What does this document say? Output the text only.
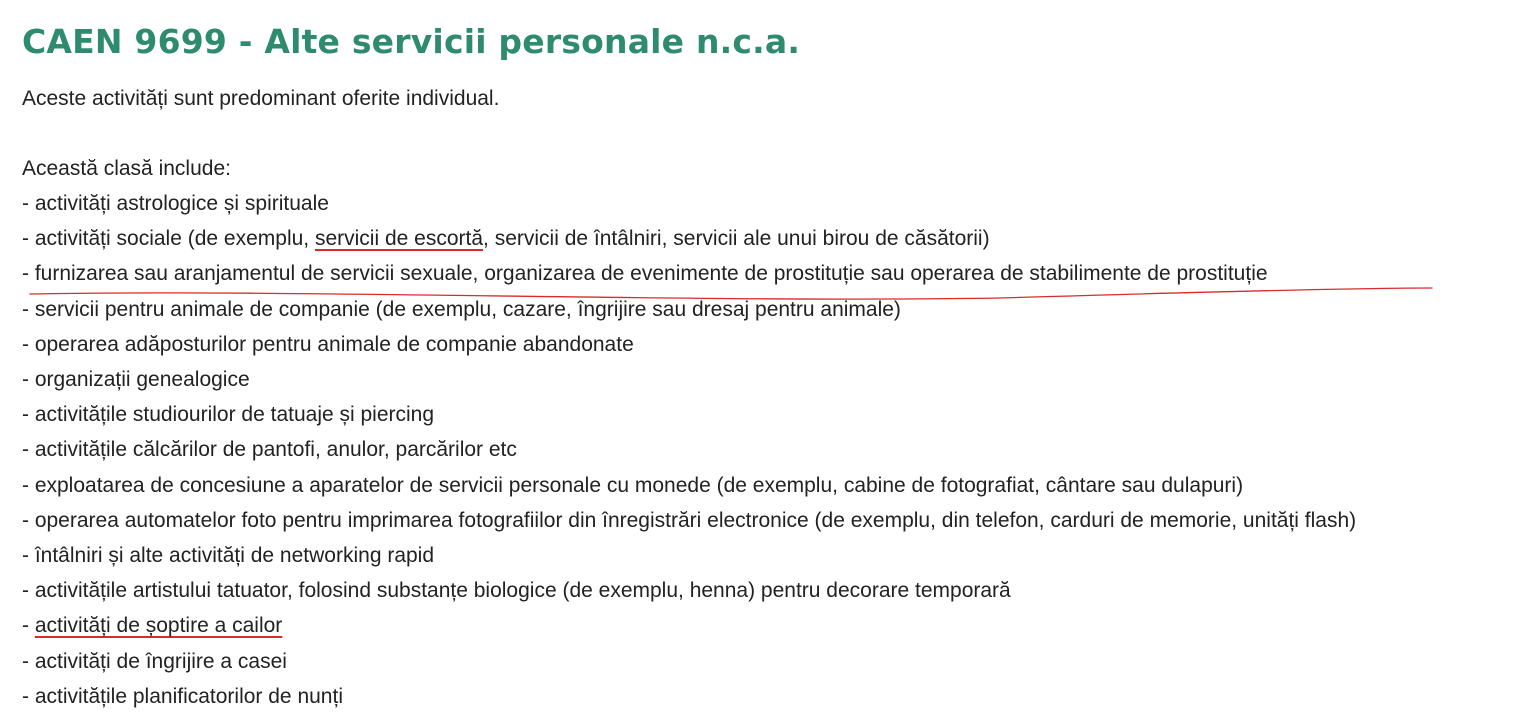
CAEN 9699 - Alte servicii personale n.c.a.

Aceste activități sunt predominant oferite individual.

Această clasă include:

- activități astrologice și spirituale
- activități sociale (de exemplu, servicii de escortă, servicii de întâlniri, servicii ale unui birou de căsătorii)
- furnizarea sau aranjamentul de servicii sexuale, organizarea de evenimente de prostituție sau operarea de stabilimente de prostituție
- servicii pentru animale de companie (de exemplu, cazare, îngrijire sau dresaj pentru animale)
- operarea adăposturilor pentru animale de companie abandonate
- organizații genealogice
- activitățile studiourilor de tatuaje și piercing
- activitățile călcărilor de pantofi, anulor, parcărilor etc
- exploatarea de concesiune a aparatelor de servicii personale cu monede (de exemplu, cabine de fotografiat, cântare sau dulapuri)
- operarea automatelor foto pentru imprimarea fotografiilor din înregistrări electronice (de exemplu, din telefon, carduri de memorie, unități flash)
- întâlniri și alte activități de networking rapid
- activitățile artistului tatuator, folosind substanțe biologice (de exemplu, henna) pentru decorare temporară
- activități de șoptire a cailor
- activități de îngrijire a casei
- activitățile planificatorilor de nunți
